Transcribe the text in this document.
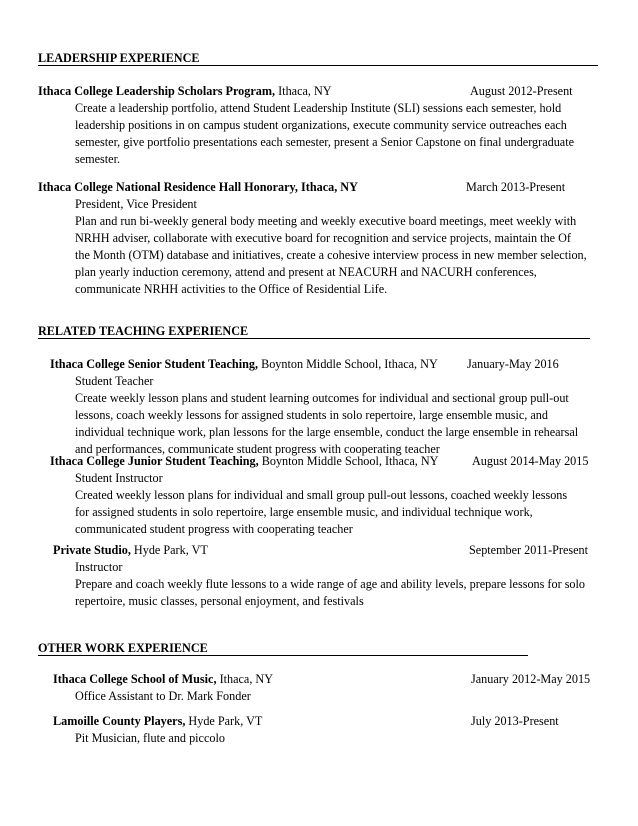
LEADERSHIP EXPERIENCE
Ithaca College Leadership Scholars Program, Ithaca, NY	August 2012-Present
Create a leadership portfolio, attend Student Leadership Institute (SLI) sessions each semester, hold
leadership positions in on campus student organizations, execute community service outreaches each
semester, give portfolio presentations each semester, present a Senior Capstone on final undergraduate
semester.
Ithaca College National Residence Hall Honorary, Ithaca, NY	March 2013-Present
President, Vice President
Plan and run bi-weekly general body meeting and weekly executive board meetings, meet weekly with
NRHH adviser, collaborate with executive board for recognition and service projects, maintain the Of
the Month (OTM) database and initiatives, create a cohesive interview process in new member selection,
plan yearly induction ceremony, attend and present at NEACURH and NACURH conferences,
communicate NRHH activities to the Office of Residential Life.
RELATED TEACHING EXPERIENCE
Ithaca College Senior Student Teaching, Boynton Middle School, Ithaca, NY January-May 2016
Student Teacher
Create weekly lesson plans and student learning outcomes for individual and sectional group pull-out
lessons, coach weekly lessons for assigned students in solo repertoire, large ensemble music, and
individual technique work, plan lessons for the large ensemble, conduct the large ensemble in rehearsal
and performances, communicate student progress with cooperating teacher
Ithaca College Junior Student Teaching, Boynton Middle School, Ithaca, NY	August 2014-May 2015
Student Instructor
Created weekly lesson plans for individual and small group pull-out lessons, coached weekly lessons
for assigned students in solo repertoire, large ensemble music, and individual technique work,
communicated student progress with cooperating teacher
Private Studio, Hyde Park, VT	September 2011-Present
Instructor
Prepare and coach weekly flute lessons to a wide range of age and ability levels, prepare lessons for solo
repertoire, music classes, personal enjoyment, and festivals
OTHER WORK EXPERIENCE
Ithaca College School of Music, Ithaca, NY	January 2012-May 2015
Office Assistant to Dr. Mark Fonder
Lamoille County Players, Hyde Park, VT	July 2013-Present
Pit Musician, flute and piccolo
